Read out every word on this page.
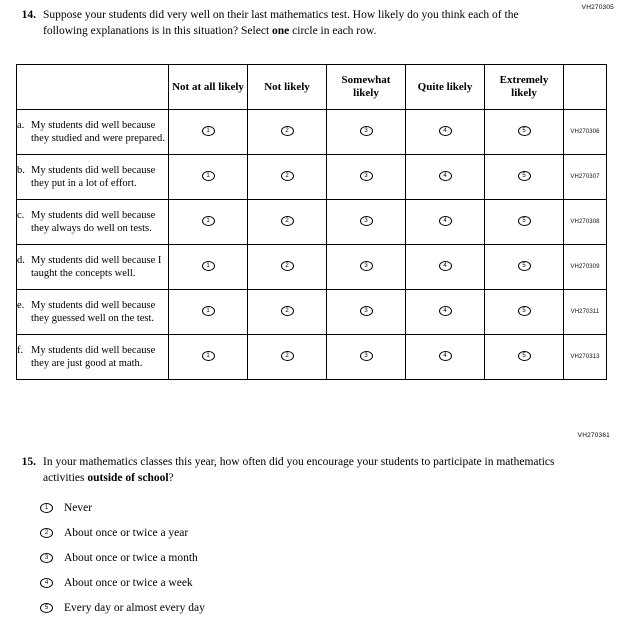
VH270305
14. Suppose your students did very well on their last mathematics test. How likely do you think each of the following explanations is in this situation? Select one circle in each row.
	Not at all likely	Not likely	Somewhat likely	Quite likely	Extremely likely	

a. My students did well because they studied and were prepared.	1	2	3	4	5	VH270306

b. My students did well because they put in a lot of effort.	1	2	3	4	5	VH270307

c. My students did well because they always do well on tests.	1	2	3	4	5	VH270308

d. My students did well because I taught the concepts well.	1	2	3	4	5	VH270309

e. My students did well because they guessed well on the test.	1	2	3	4	5	VH270311

f. My students did well because they are just good at math.	1	2	3	4	5	VH270313
VH270361
15. In your mathematics classes this year, how often did you encourage your students to participate in mathematics activities outside of school?
1 Never
2 About once or twice a year
3 About once or twice a month
4 About once or twice a week
5 Every day or almost every day
